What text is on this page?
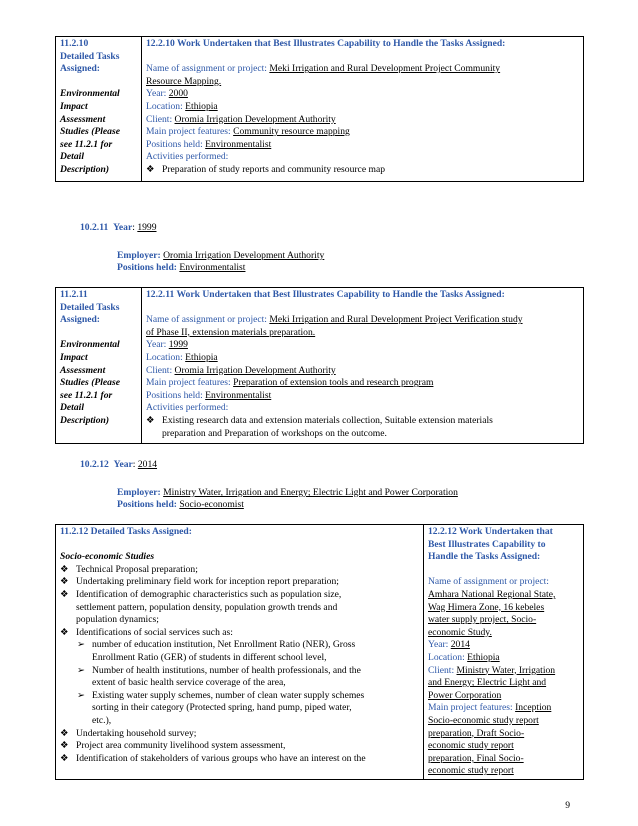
11.2.10
Detailed Tasks
Assigned:
Environmental
Impact
Assessment
Studies (Please
see 11.2.1 for
Detail
Description)

12.2.10 Work Undertaken that Best Illustrates Capability to Handle the Tasks Assigned:
Name of assignment or project: Meki Irrigation and Rural Development Project Community
Resource Mapping.
Year: 2000
Location: Ethiopia
Client: Oromia Irrigation Development Authority
Main project features: Community resource mapping
Positions held: Environmentalist
Activities performed:
❖ Preparation of study reports and community resource map
10.2.11 Year: 1999
Employer: Oromia Irrigation Development Authority
Positions held: Environmentalist
11.2.11
Detailed Tasks
Assigned:
Environmental
Impact
Assessment
Studies (Please
see 11.2.1 for
Detail
Description)

12.2.11 Work Undertaken that Best Illustrates Capability to Handle the Tasks Assigned:
Name of assignment or project: Meki Irrigation and Rural Development Project Verification study
of Phase II, extension materials preparation.
Year: 1999
Location: Ethiopia
Client: Oromia Irrigation Development Authority
Main project features: Preparation of extension tools and research program
Positions held: Environmentalist
Activities performed:
❖ Existing research data and extension materials collection, Suitable extension materials
preparation and Preparation of workshops on the outcome.
10.2.12 Year: 2014
Employer: Ministry Water, Irrigation and Energy; Electric Light and Power Corporation
Positions held: Socio-economist
11.2.12 Detailed Tasks Assigned:
Socio-economic Studies
❖ Technical Proposal preparation;
❖ Undertaking preliminary field work for inception report preparation;
❖ Identification of demographic characteristics such as population size,
settlement pattern, population density, population growth trends and
population dynamics;
❖ Identifications of social services such as:
➢ number of education institution, Net Enrollment Ratio (NER), Gross
Enrollment Ratio (GER) of students in different school level,
➢ Number of health institutions, number of health professionals, and the
extent of basic health service coverage of the area,
➢ Existing water supply schemes, number of clean water supply schemes
sorting in their category (Protected spring, hand pump, piped water,
etc.),
❖ Undertaking household survey;
❖ Project area community livelihood system assessment,
❖ Identification of stakeholders of various groups who have an interest on the

12.2.12 Work Undertaken that
Best Illustrates Capability to
Handle the Tasks Assigned:
Name of assignment or project:
Amhara National Regional State,
Wag Himera Zone, 16 kebeles
water supply project, Socio-
economic Study.
Year: 2014
Location: Ethiopia
Client: Ministry Water, Irrigation
and Energy; Electric Light and
Power Corporation
Main project features: Inception
Socio-economic study report
preparation, Draft Socio-
economic study report
preparation, Final Socio-
economic study report
9
